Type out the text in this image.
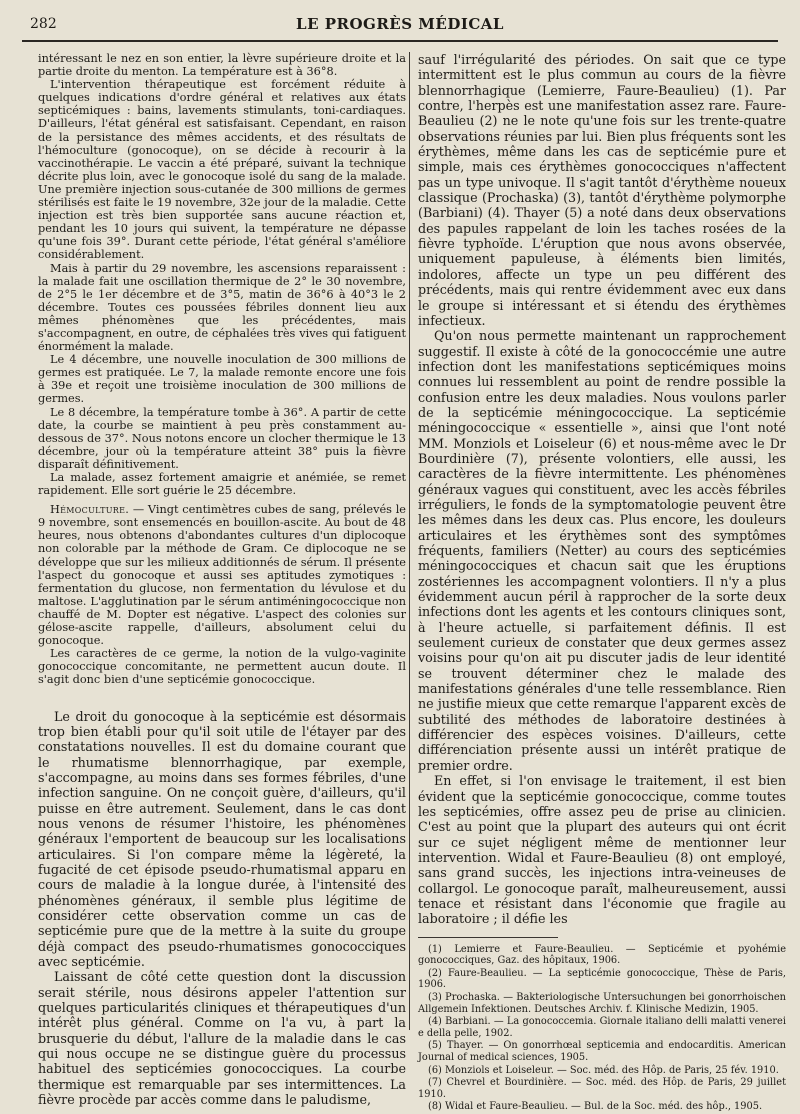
282	LE PROGRÈS MÉDICAL

intéressant le nez en son entier, la lèvre supérieure droite et la partie droite du menton. La température est à 36°8.

L'intervention thérapeutique est forcément réduite à quelques indications d'ordre général et relatives aux états septicémiques : bains, lavements stimulants, toni-cardiaques. D'ailleurs, l'état général est satisfaisant. Cependant, en raison de la persistance des mêmes accidents, et des résultats de l'hémoculture (gonocoque), on se décide à recourir à la vaccinothérapie. Le vaccin a été préparé, suivant la technique décrite plus loin, avec le gonocoque isolé du sang de la malade. Une première injection sous-cutanée de 300 millions de germes stérilisés est faite le 19 novembre, 32e jour de la maladie. Cette injection est très bien supportée sans aucune réaction et, pendant les 10 jours qui suivent, la température ne dépasse qu'une fois 39°. Durant cette période, l'état général s'améliore considérablement.

Mais à partir du 29 novembre, les ascensions reparaissent : la malade fait une oscillation thermique de 2° le 30 novembre, de 2°5 le 1er décembre et de 3°5, matin de 36°6 à 40°3 le 2 décembre. Toutes ces poussées fébriles donnent lieu aux mêmes phénomènes que les précédentes, mais s'accompagnent, en outre, de céphalées très vives qui fatiguent énormément la malade.

Le 4 décembre, une nouvelle inoculation de 300 millions de germes est pratiquée. Le 7, la malade remonte encore une fois à 39e et reçoit une troisième inoculation de 300 millions de germes.

Le 8 décembre, la température tombe à 36°. A partir de cette date, la courbe se maintient à peu près constamment au-dessous de 37°. Nous notons encore un clocher thermique le 13 décembre, jour où la température atteint 38° puis la fièvre disparaît définitivement.

La malade, assez fortement amaigrie et anémiée, se remet rapidement. Elle sort guérie le 25 décembre.

Hémoculture. — Vingt centimètres cubes de sang, prélevés le 9 novembre, sont ensemencés en bouillon-ascite. Au bout de 48 heures, nous obtenons d'abondantes cultures d'un diplocoque non colorable par la méthode de Gram. Ce diplocoque ne se développe que sur les milieux additionnés de sérum. Il présente l'aspect du gonocoque et aussi ses aptitudes zymotiques : fermentation du glucose, non fermentation du lévulose et du maltose. L'agglutination par le sérum antiméningococcique non chauffé de M. Dopter est négative. L'aspect des colonies sur gélose-ascite rappelle, d'ailleurs, absolument celui du gonocoque.

Les caractères de ce germe, la notion de la vulgo-vaginite gonococcique concomitante, ne permettent aucun doute. Il s'agit donc bien d'une septicémie gonococcique.

Le droit du gonocoque à la septicémie est désormais trop bien établi pour qu'il soit utile de l'étayer par des constatations nouvelles. Il est du domaine courant que le rhumatisme blennorrhagique, par exemple, s'accompagne, au moins dans ses formes fébriles, d'une infection sanguine. On ne conçoit guère, d'ailleurs, qu'il puisse en être autrement. Seulement, dans le cas dont nous venons de résumer l'histoire, les phénomènes généraux l'emportent de beaucoup sur les localisations articulaires. Si l'on compare même la légèreté, la fugacité de cet épisode pseudo-rhumatismal apparu en cours de maladie à la longue durée, à l'intensité des phénomènes généraux, il semble plus légitime de considérer cette observation comme un cas de septicémie pure que de la mettre à la suite du groupe déjà compact des pseudo-rhumatismes gonococciques avec septicémie.

Laissant de côté cette question dont la discussion serait stérile, nous désirons appeler l'attention sur quelques particularités cliniques et thérapeutiques d'un intérêt plus général. Comme on l'a vu, à part la brusquerie du début, l'allure de la maladie dans le cas qui nous occupe ne se distingue guère du processus habituel des septicémies gonococciques. La courbe thermique est remarquable par ses intermittences. La fièvre procède par accès comme dans le paludisme,

sauf l'irrégularité des périodes. On sait que ce type intermittent est le plus commun au cours de la fièvre blennorrhagique (Lemierre, Faure-Beaulieu) (1). Par contre, l'herpès est une manifestation assez rare. Faure-Beaulieu (2) ne le note qu'une fois sur les trente-quatre observations réunies par lui. Bien plus fréquents sont les érythèmes, même dans les cas de septicémie pure et simple, mais ces érythèmes gonococciques n'affectent pas un type univoque. Il s'agit tantôt d'érythème noueux classique (Prochaska) (3), tantôt d'érythème polymorphe (Barbiani) (4). Thayer (5) a noté dans deux observations des papules rappelant de loin les taches rosées de la fièvre typhoïde. L'éruption que nous avons observée, uniquement papuleuse, à éléments bien limités, indolores, affecte un type un peu différent des précédents, mais qui rentre évidemment avec eux dans le groupe si intéressant et si étendu des érythèmes infectieux.

Qu'on nous permette maintenant un rapprochement suggestif. Il existe à côté de la gonococcémie une autre infection dont les manifestations septicémiques moins connues lui ressemblent au point de rendre possible la confusion entre les deux maladies. Nous voulons parler de la septicémie méningococcique. La septicémie méningococcique « essentielle », ainsi que l'ont noté MM. Monziols et Loiseleur (6) et nous-même avec le Dr Bourdinière (7), présente volontiers, elle aussi, les caractères de la fièvre intermittente. Les phénomènes généraux vagues qui constituent, avec les accès fébriles irréguliers, le fonds de la symptomatologie peuvent être les mêmes dans les deux cas. Plus encore, les douleurs articulaires et les érythèmes sont des symptômes fréquents, familiers (Netter) au cours des septicémies méningococciques et chacun sait que les éruptions zostériennes les accompagnent volontiers. Il n'y a plus évidemment aucun péril à rapprocher de la sorte deux infections dont les agents et les contours cliniques sont, à l'heure actuelle, si parfaitement définis. Il est seulement curieux de constater que deux germes assez voisins pour qu'on ait pu discuter jadis de leur identité se trouvent déterminer chez le malade des manifestations générales d'une telle ressemblance. Rien ne justifie mieux que cette remarque l'apparent excès de subtilité des méthodes de laboratoire destinées à différencier des espèces voisines. D'ailleurs, cette différenciation présente aussi un intérêt pratique de premier ordre.

En effet, si l'on envisage le traitement, il est bien évident que la septicémie gonococcique, comme toutes les septicémies, offre assez peu de prise au clinicien. C'est au point que la plupart des auteurs qui ont écrit sur ce sujet négligent même de mentionner leur intervention. Widal et Faure-Beaulieu (8) ont employé, sans grand succès, les injections intra-veineuses de collargol. Le gonocoque paraît, malheureusement, aussi tenace et résistant dans l'économie que fragile au laboratoire ; il défie les

(1) Lemierre et Faure-Beaulieu. — Septicémie et pyohémie gonococciques, Gaz. des hôpitaux, 1906.

(2) Faure-Beaulieu. — La septicémie gonococcique, Thèse de Paris, 1906.

(3) Prochaska. — Bakteriologische Untersuchungen bei gonorrhoischen Allgemein Infektionen. Deutsches Archiv. f. Klinische Medizin, 1905.

(4) Barbiani. — La gonococcemia. Giornale italiano delli malatti venerei e della pelle, 1902.

(5) Thayer. — On gonorrhœal septicemia and endocarditis. American Journal of medical sciences, 1905.

(6) Monziols et Loiseleur. — Soc. méd. des Hôp. de Paris, 25 fév. 1910.

(7) Chevrel et Bourdinière. — Soc. méd. des Hôp. de Paris, 29 juillet 1910.

(8) Widal et Faure-Beaulieu. — Bul. de la Soc. méd. des hôp., 1905.
